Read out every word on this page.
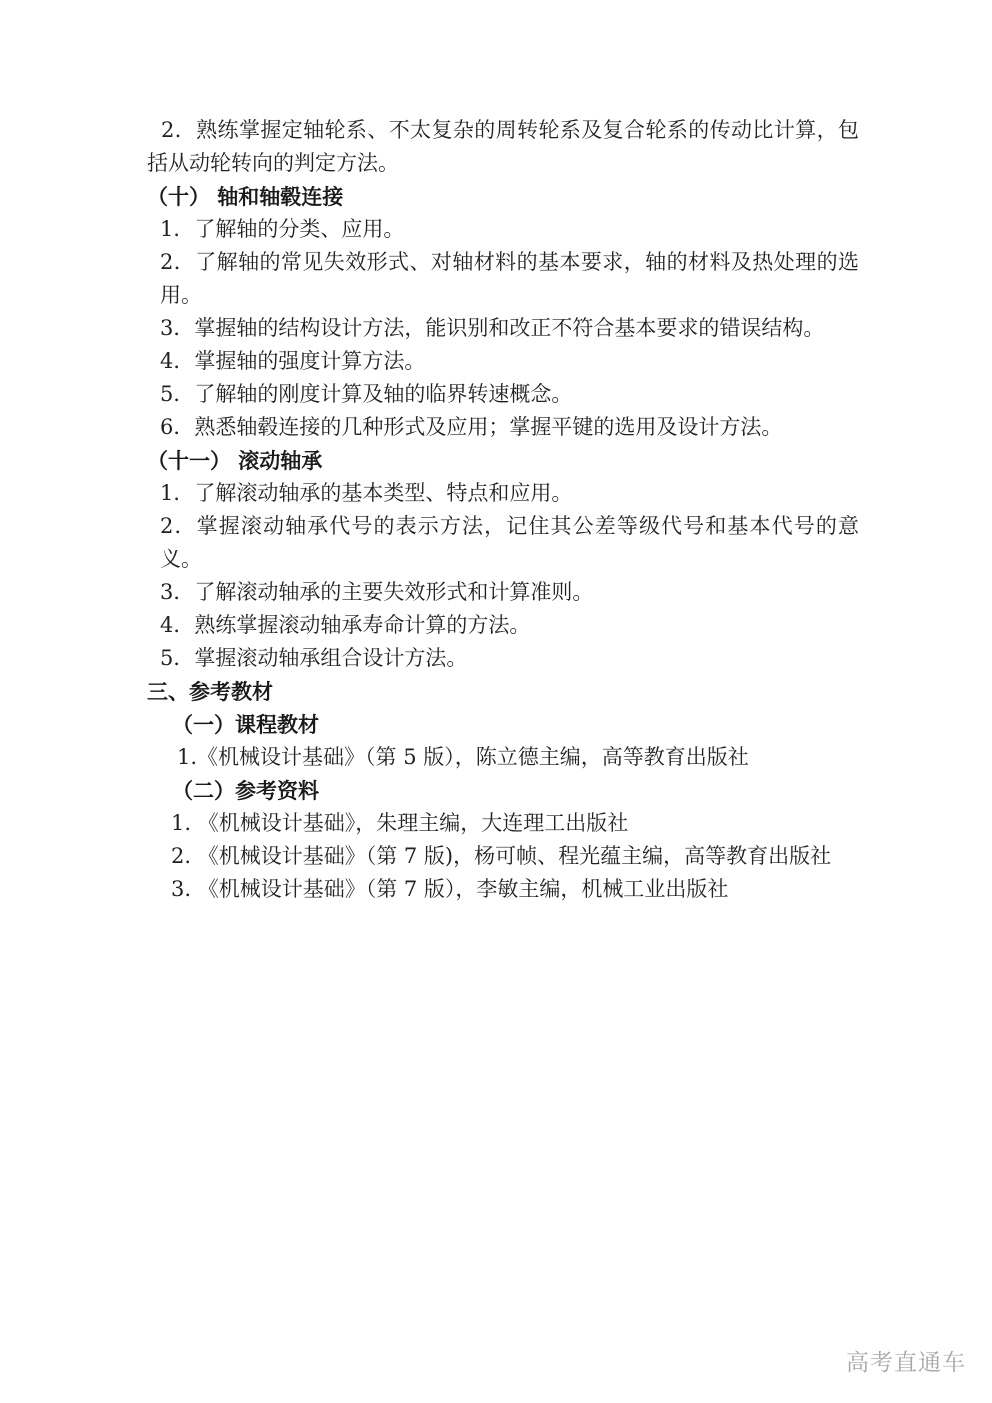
2．熟练掌握定轴轮系、不太复杂的周转轮系及复合轮系的传动比计算，包括从动轮转向的判定方法。

（十） 轴和轴毂连接

1．了解轴的分类、应用。

2．了解轴的常见失效形式、对轴材料的基本要求，轴的材料及热处理的选用。

3．掌握轴的结构设计方法，能识别和改正不符合基本要求的错误结构。

4．掌握轴的强度计算方法。

5．了解轴的刚度计算及轴的临界转速概念。

6．熟悉轴毂连接的几种形式及应用；掌握平键的选用及设计方法。

（十一） 滚动轴承

1．了解滚动轴承的基本类型、特点和应用。

2．掌握滚动轴承代号的表示方法，记住其公差等级代号和基本代号的意义。

3．了解滚动轴承的主要失效形式和计算准则。

4．熟练掌握滚动轴承寿命计算的方法。

5．掌握滚动轴承组合设计方法。

三、参考教材

（一）课程教材

1.《机械设计基础》（第 5 版），陈立德主编，高等教育出版社

（二）参考资料

1. 《机械设计基础》，朱理主编，大连理工出版社

2. 《机械设计基础》（第 7 版)，杨可帧、程光蕴主编，高等教育出版社

3. 《机械设计基础》（第 7 版），李敏主编，机械工业出版社

高考直通车
